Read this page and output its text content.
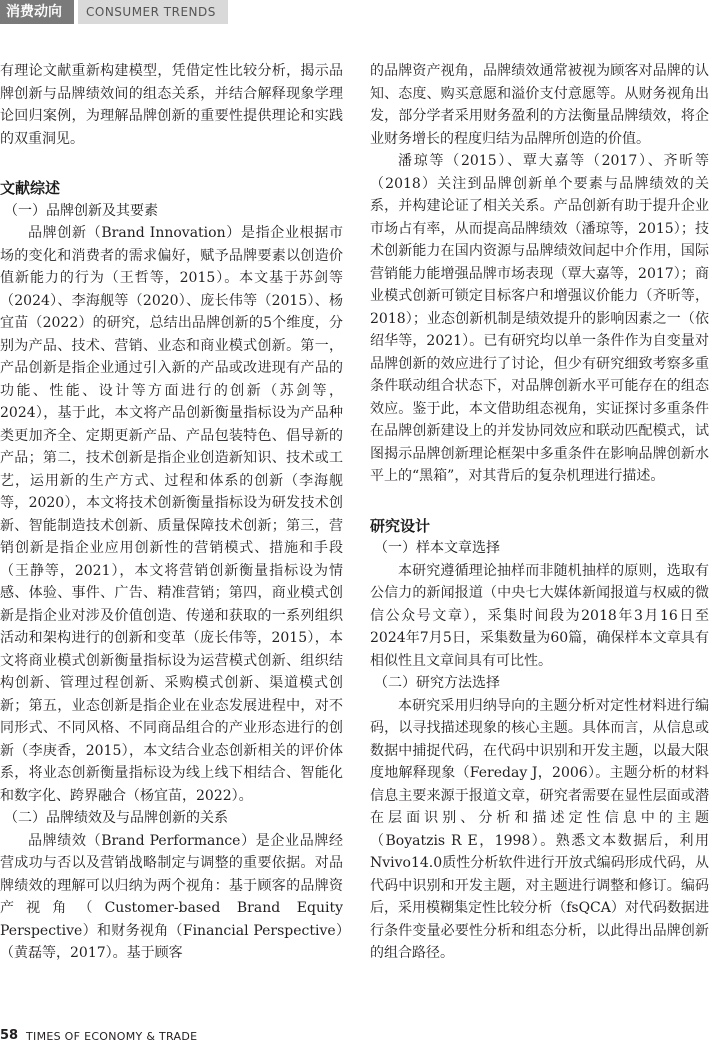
消费动向	CONSUMER TRENDS

有理论文献重新构建模型，凭借定性比较分析，揭示品牌创新与品牌绩效间的组态关系，并结合解释现象学理论回归案例，为理解品牌创新的重要性提供理论和实践的双重洞见。

文献综述
（一）品牌创新及其要素

品牌创新（Brand Innovation）是指企业根据市场的变化和消费者的需求偏好，赋予品牌要素以创造价值新能力的行为（王哲等，2015）。本文基于苏剑等（2024）、李海舰等（2020）、庞长伟等（2015）、杨宜苗（2022）的研究，总结出品牌创新的5个维度，分别为产品、技术、营销、业态和商业模式创新。第一，产品创新是指企业通过引入新的产品或改进现有产品的功能、性能、设计等方面进行的创新（苏剑等，2024），基于此，本文将产品创新衡量指标设为产品种类更加齐全、定期更新产品、产品包装特色、倡导新的产品；第二，技术创新是指企业创造新知识、技术或工艺，运用新的生产方式、过程和体系的创新（李海舰等，2020），本文将技术创新衡量指标设为研发技术创新、智能制造技术创新、质量保障技术创新；第三，营销创新是指企业应用创新性的营销模式、措施和手段（王静等，2021），本文将营销创新衡量指标设为情感、体验、事件、广告、精准营销；第四，商业模式创新是指企业对涉及价值创造、传递和获取的一系列组织活动和架构进行的创新和变革（庞长伟等，2015），本文将商业模式创新衡量指标设为运营模式创新、组织结构创新、管理过程创新、采购模式创新、渠道模式创新；第五，业态创新是指企业在业态发展进程中，对不同形式、不同风格、不同商品组合的产业形态进行的创新（李庚香，2015），本文结合业态创新相关的评价体系，将业态创新衡量指标设为线上线下相结合、智能化和数字化、跨界融合（杨宜苗，2022）。

（二）品牌绩效及与品牌创新的关系

品牌绩效（Brand Performance）是企业品牌经营成功与否以及营销战略制定与调整的重要依据。对品牌绩效的理解可以归纳为两个视角：基于顾客的品牌资产视角（Customer-based Brand Equity Perspective）和财务视角（Financial Perspective）（黄磊等，2017）。基于顾客

的品牌资产视角，品牌绩效通常被视为顾客对品牌的认知、态度、购买意愿和溢价支付意愿等。从财务视角出发，部分学者采用财务盈利的方法衡量品牌绩效，将企业财务增长的程度归结为品牌所创造的价值。

潘琼等（2015）、覃大嘉等（2017）、齐昕等（2018）关注到品牌创新单个要素与品牌绩效的关系，并构建论证了相关关系。产品创新有助于提升企业市场占有率，从而提高品牌绩效（潘琼等，2015）；技术创新能力在国内资源与品牌绩效间起中介作用，国际营销能力能增强品牌市场表现（覃大嘉等，2017）；商业模式创新可锁定目标客户和增强议价能力（齐昕等，2018）；业态创新机制是绩效提升的影响因素之一（依绍华等，2021）。已有研究均以单一条件作为自变量对品牌创新的效应进行了讨论，但少有研究细致考察多重条件联动组合状态下，对品牌创新水平可能存在的组态效应。鉴于此，本文借助组态视角，实证探讨多重条件在品牌创新建设上的并发协同效应和联动匹配模式，试图揭示品牌创新理论框架中多重条件在影响品牌创新水平上的“黑箱”，对其背后的复杂机理进行描述。

研究设计
（一）样本文章选择

本研究遵循理论抽样而非随机抽样的原则，选取有公信力的新闻报道（中央七大媒体新闻报道与权威的微信公众号文章），采集时间段为2018年3月16日至2024年7月5日，采集数量为60篇，确保样本文章具有相似性且文章间具有可比性。

（二）研究方法选择

本研究采用归纳导向的主题分析对定性材料进行编码，以寻找描述现象的核心主题。具体而言，从信息或数据中捕捉代码，在代码中识别和开发主题，以最大限度地解释现象（Fereday J，2006）。主题分析的材料信息主要来源于报道文章，研究者需要在显性层面或潜在层面识别、分析和描述定性信息中的主题（Boyatzis R E，1998）。熟悉文本数据后，利用Nvivo14.0质性分析软件进行开放式编码形成代码，从代码中识别和开发主题，对主题进行调整和修订。编码后，采用模糊集定性比较分析（fsQCA）对代码数据进行条件变量必要性分析和组态分析，以此得出品牌创新的组合路径。

58 TIMES OF ECONOMY & TRADE
